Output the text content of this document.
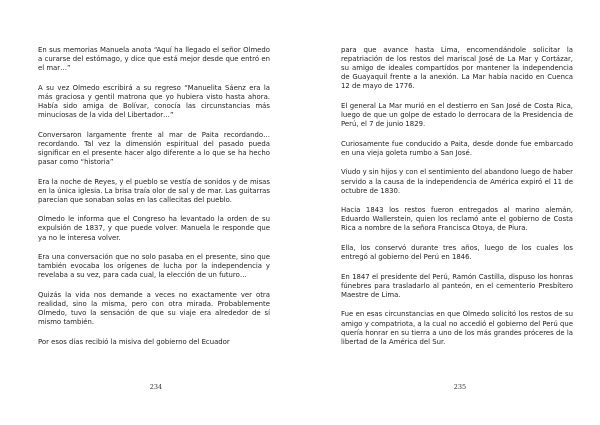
En sus memorias Manuela anota “Aquí ha llegado el señor Olmedo a curarse del estómago, y dice que está mejor desde que entró en el mar…”

A su vez Olmedo escribirá a su regreso “Manuelita Sáenz era la más graciosa y gentil matrona que yo hubiera visto hasta ahora. Había sido amiga de Bolívar, conocía las circunstancias más minuciosas de la vida del Libertador…”

Conversaron largamente frente al mar de Paita recordando…recordando. Tal vez la dimensión espiritual del pasado pueda significar en el presente hacer algo diferente a lo que se ha hecho pasar como “historia”

Era la noche de Reyes, y el pueblo se vestía de sonidos y de misas en la única iglesia. La brisa traía olor de sal y de mar. Las guitarras parecían que sonaban solas en las callecitas del pueblo.

Olmedo le informa que el Congreso ha levantado la orden de su expulsión de 1837, y que puede volver. Manuela le responde que ya no le interesa volver.

Era una conversación que no solo pasaba en el presente, sino que también evocaba los orígenes de lucha por la independencia y revelaba a su vez, para cada cual, la elección de un futuro…

Quizás la vida nos demande a veces no exactamente ver otra realidad, sino la misma, pero con otra mirada. Probablemente Olmedo, tuvo la sensación de que su viaje era alrededor de sí mismo también.

Por esos días recibió la misiva del gobierno del Ecuador

para que avance hasta Lima, encomendándole solicitar la repatriación de los restos del mariscal José de La Mar y Cortázar, su amigo de ideales compartidos por mantener la independencia de Guayaquil frente a la anexión. La Mar había nacido en Cuenca 12 de mayo de 1776.

El general La Mar murió en el destierro en San José de Costa Rica, luego de que un golpe de estado lo derrocara de la Presidencia de Perú, el 7 de junio 1829.

Curiosamente fue conducido a Paita, desde donde fue embarcado en una vieja goleta rumbo a San José.

Viudo y sin hijos y con el sentimiento del abandono luego de haber servido a la causa de la independencia de América expiró el 11 de octubre de 1830.

Hacia 1843 los restos fueron entregados al marino alemán, Eduardo Wallerstein, quien los reclamó ante el gobierno de Costa Rica a nombre de la señora Francisca Otoya, de Piura.

Ella, los conservó durante tres años, luego de los cuales los entregó al gobierno del Perú en 1846.

En 1847 el presidente del Perú, Ramón Castilla, dispuso los honras fúnebres para trasladarlo al panteón, en el cementerio Presbítero Maestre de Lima.

Fue en esas circunstancias en que Olmedo solicitó los restos de su amigo y compatriota, a la cual no accedió el gobierno del Perú que quería honrar en su tierra a uno de los más grandes próceres de la libertad de la América del Sur.

234	235
